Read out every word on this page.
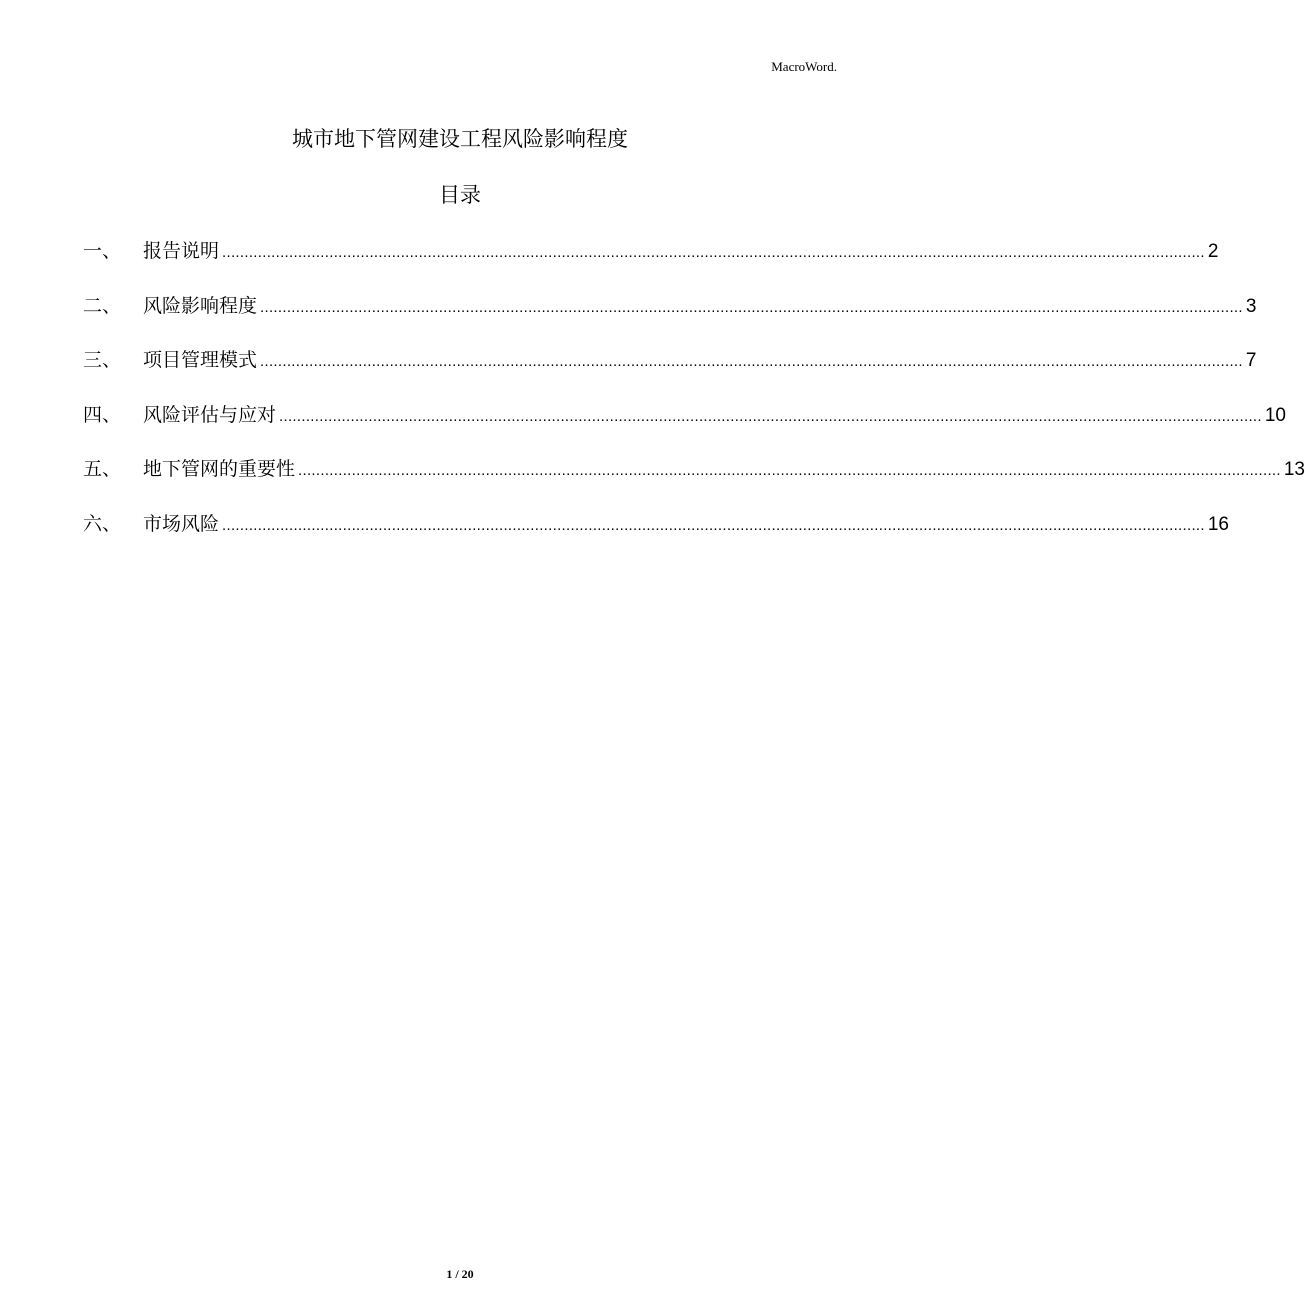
MacroWord.
城市地下管网建设工程风险影响程度
目录
一、	报告说明 ............................................................................................................................................................................................................................ 2
二、	风险影响程度 ............................................................................................................................................................................................................................ 3
三、	项目管理模式 ............................................................................................................................................................................................................................ 7
四、	风险评估与应对 ............................................................................................................................................................................................................................ 10
五、	地下管网的重要性 ............................................................................................................................................................................................................................ 13
六、	市场风险 ............................................................................................................................................................................................................................ 16
1 / 20
